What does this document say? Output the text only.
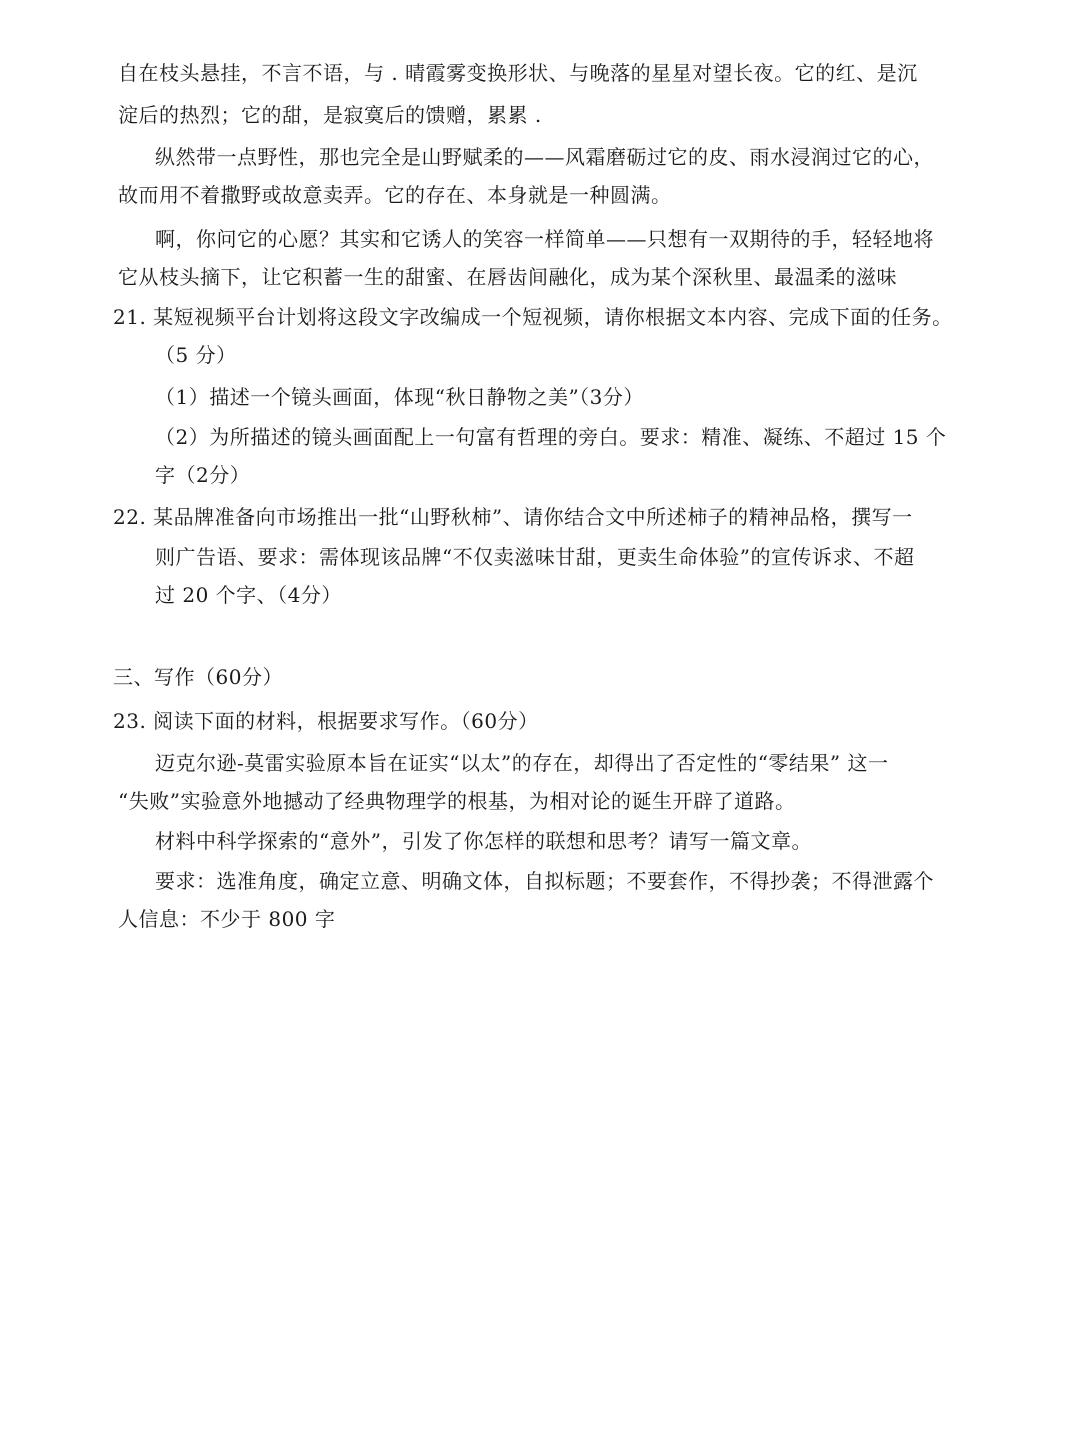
自在枝头悬挂，不言不语，与 . 晴霞雾变换形状、与晚落的星星对望长夜。它的红、是沉
淀后的热烈；它的甜，是寂寞后的馈赠，累累 .
纵然带一点野性，那也完全是山野赋柔的——风霜磨砺过它的皮、雨水浸润过它的心，
故而用不着撒野或故意卖弄。它的存在、本身就是一种圆满。
啊，你问它的心愿？其实和它诱人的笑容一样简单——只想有一双期待的手，轻轻地将
它从枝头摘下，让它积蓄一生的甜蜜、在唇齿间融化，成为某个深秋里、最温柔的滋味
21. 某短视频平台计划将这段文字改编成一个短视频，请你根据文本内容、完成下面的任务。
（5 分）
（1）描述一个镜头画面，体现“秋日静物之美”（3分）
（2）为所描述的镜头画面配上一句富有哲理的旁白。要求：精准、凝练、不超过 15 个
字（2分）
22. 某品牌准备向市场推出一批“山野秋柿”、请你结合文中所述柿子的精神品格，撰写一
则广告语、要求：需体现该品牌“不仅卖滋味甘甜，更卖生命体验”的宣传诉求、不超
过 20 个字、（4分）
三、写作（60分）
23. 阅读下面的材料，根据要求写作。（60分）
迈克尔逊-莫雷实验原本旨在证实“以太”的存在，却得出了否定性的“零结果” 这一
“失败”实验意外地撼动了经典物理学的根基，为相对论的诞生开辟了道路。
材料中科学探索的“意外”，引发了你怎样的联想和思考？请写一篇文章。
要求：选准角度，确定立意、明确文体，自拟标题；不要套作，不得抄袭；不得泄露个
人信息：不少于 800 字
